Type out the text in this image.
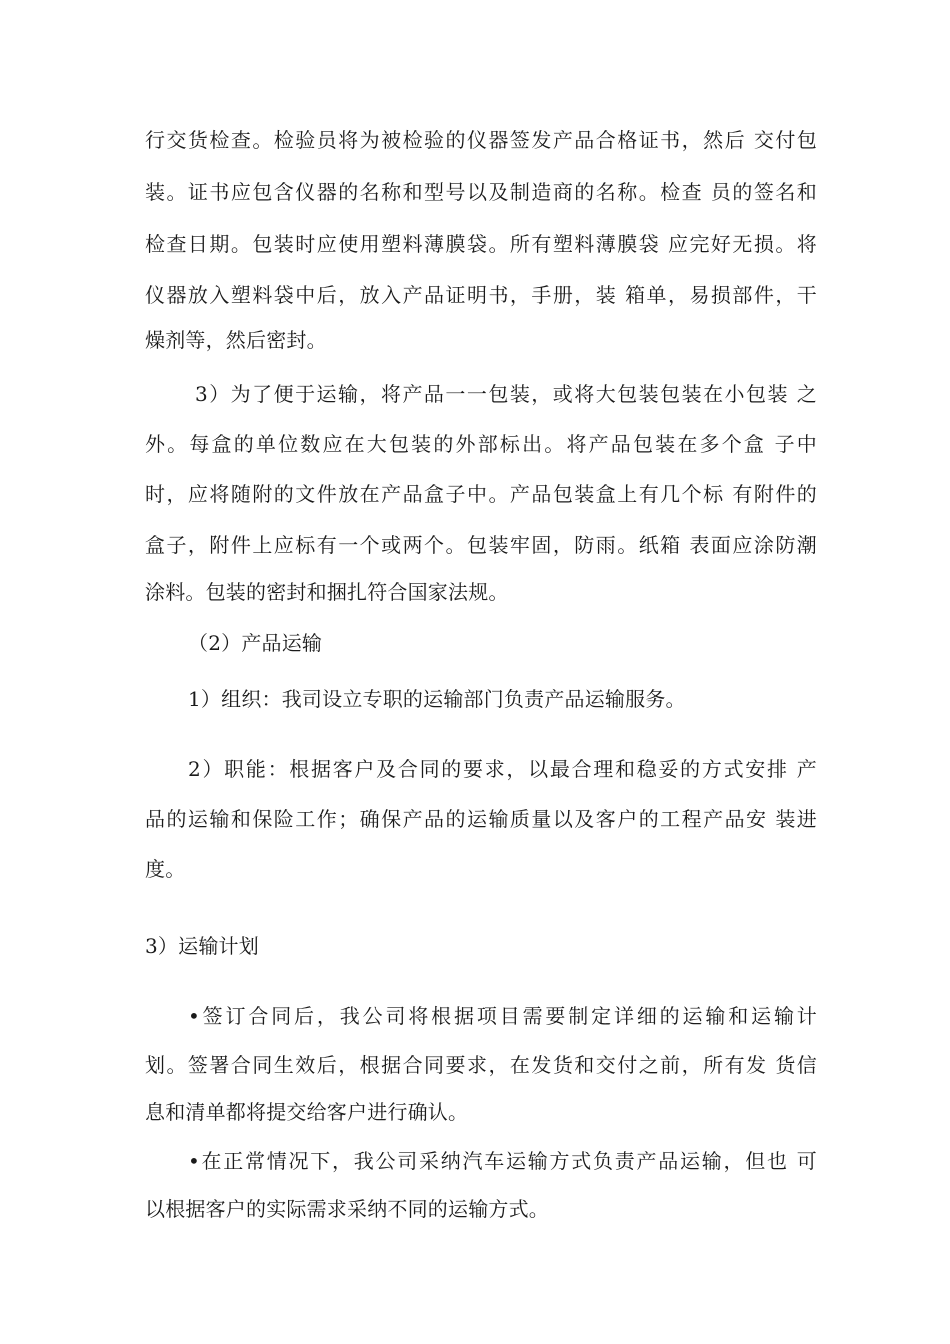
行交货检查。检验员将为被检验的仪器签发产品合格证书，然后 交付包
装。证书应包含仪器的名称和型号以及制造商的名称。检查 员的签名和
检查日期。包装时应使用塑料薄膜袋。所有塑料薄膜袋 应完好无损。将
仪器放入塑料袋中后，放入产品证明书，手册，装 箱单，易损部件，干
燥剂等，然后密封。
3）为了便于运输，将产品一一包装，或将大包装包装在小包装 之
外。每盒的单位数应在大包装的外部标出。将产品包装在多个盒 子中
时，应将随附的文件放在产品盒子中。产品包装盒上有几个标 有附件的
盒子，附件上应标有一个或两个。包装牢固，防雨。纸箱 表面应涂防潮
涂料。包装的密封和捆扎符合国家法规。
（2）产品运输
1）组织：我司设立专职的运输部门负责产品运输服务。
2）职能：根据客户及合同的要求，以最合理和稳妥的方式安排 产
品的运输和保险工作；确保产品的运输质量以及客户的工程产品安 装进
度。
3）运输计划
•签订合同后，我公司将根据项目需要制定详细的运输和运输计
划。签署合同生效后，根据合同要求，在发货和交付之前，所有发 货信
息和清单都将提交给客户进行确认。
•在正常情况下，我公司采纳汽车运输方式负责产品运输，但也 可
以根据客户的实际需求采纳不同的运输方式。
